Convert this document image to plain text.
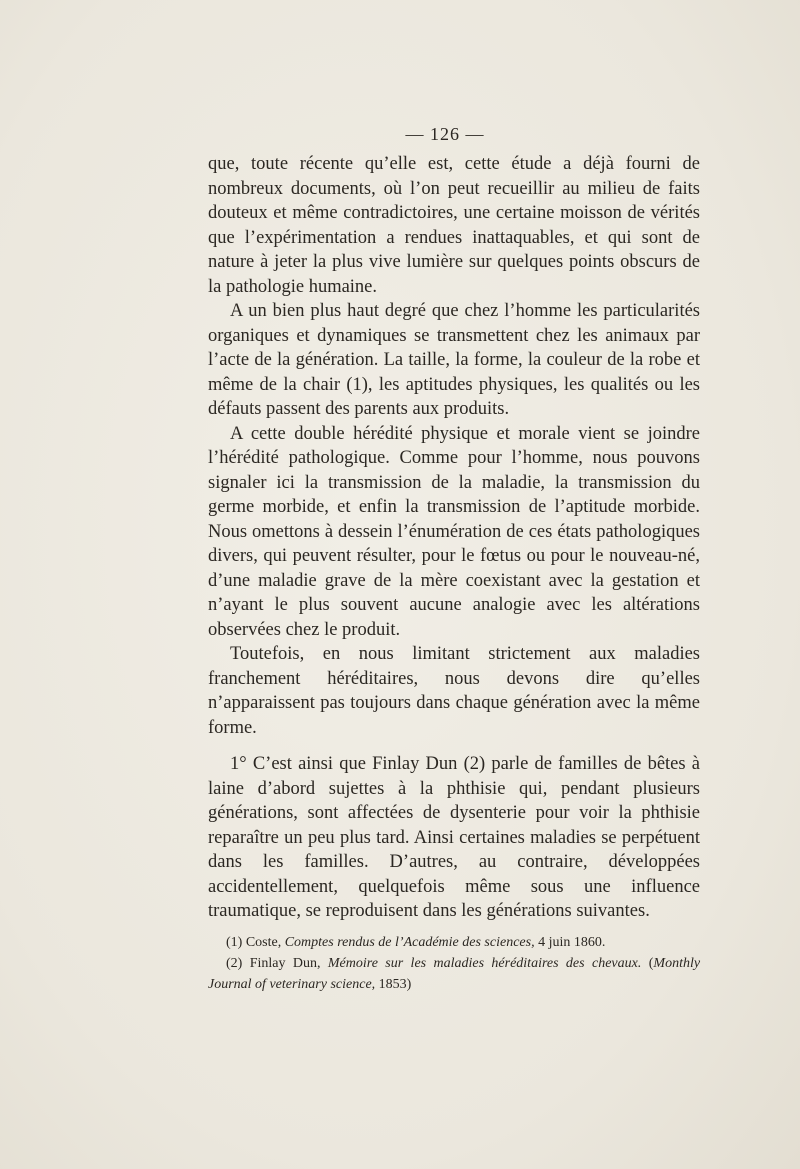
— 126 —

que, toute récente qu’elle est, cette étude a déjà fourni de nombreux documents, où l’on peut recueillir au milieu de faits douteux et même contradictoires, une certaine moisson de vérités que l’expérimentation a rendues inattaquables, et qui sont de nature à jeter la plus vive lumière sur quelques points obscurs de la pathologie humaine.

A un bien plus haut degré que chez l’homme les particularités organiques et dynamiques se transmettent chez les animaux par l’acte de la génération. La taille, la forme, la couleur de la robe et même de la chair (1), les aptitudes physiques, les qualités ou les défauts passent des parents aux produits.

A cette double hérédité physique et morale vient se joindre l’hérédité pathologique. Comme pour l’homme, nous pouvons signaler ici la transmission de la maladie, la transmission du germe morbide, et enfin la transmission de l’aptitude morbide. Nous omettons à dessein l’énumération de ces états pathologiques divers, qui peuvent résulter, pour le fœtus ou pour le nouveau-né, d’une maladie grave de la mère coexistant avec la gestation et n’ayant le plus souvent aucune analogie avec les altérations observées chez le produit.

Toutefois, en nous limitant strictement aux maladies franchement héréditaires, nous devons dire qu’elles n’apparaissent pas toujours dans chaque génération avec la même forme.

1° C’est ainsi que Finlay Dun (2) parle de familles de bêtes à laine d’abord sujettes à la phthisie qui, pendant plusieurs générations, sont affectées de dysenterie pour voir la phthisie reparaître un peu plus tard. Ainsi certaines maladies se perpétuent dans les familles. D’autres, au contraire, développées accidentellement, quelquefois même sous une influence traumatique, se reproduisent dans les générations suivantes.

(1) Coste, Comptes rendus de l’Académie des sciences, 4 juin 1860.

(2) Finlay Dun, Mémoire sur les maladies héréditaires des chevaux. (Monthly Journal of veterinary science, 1853)
